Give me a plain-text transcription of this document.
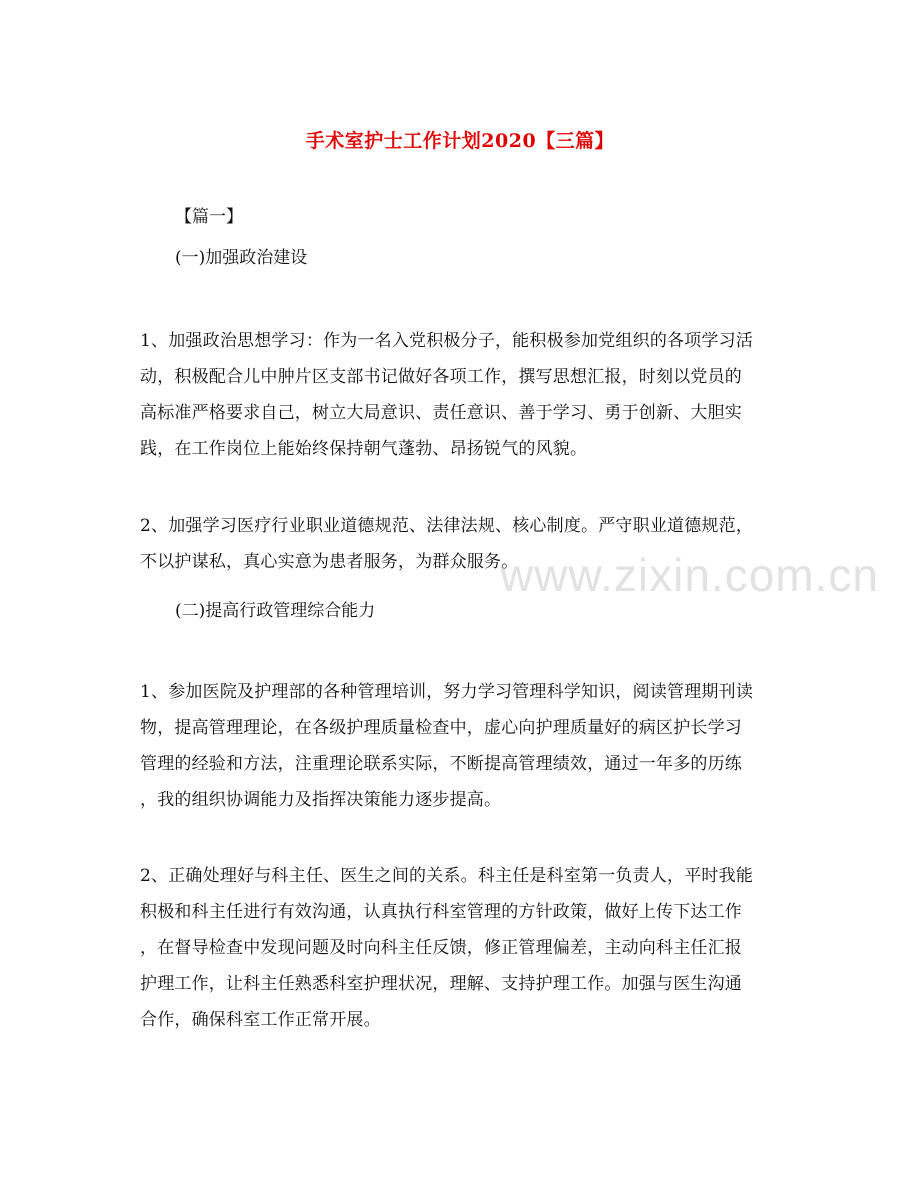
手术室护士工作计划2020【三篇】
【篇一】
(一)加强政治建设
1、加强政治思想学习：作为一名入党积极分子，能积极参加党组织的各项学习活
动，积极配合儿中肿片区支部书记做好各项工作，撰写思想汇报，时刻以党员的
高标准严格要求自己，树立大局意识、责任意识、善于学习、勇于创新、大胆实
践，在工作岗位上能始终保持朝气蓬勃、昂扬锐气的风貌。
2、加强学习医疗行业职业道德规范、法律法规、核心制度。严守职业道德规范，
不以护谋私，真心实意为患者服务，为群众服务。
(二)提高行政管理综合能力
1、参加医院及护理部的各种管理培训，努力学习管理科学知识，阅读管理期刊读
物，提高管理理论，在各级护理质量检查中，虚心向护理质量好的病区护长学习
管理的经验和方法，注重理论联系实际，不断提高管理绩效，通过一年多的历练
，我的组织协调能力及指挥决策能力逐步提高。
2、正确处理好与科主任、医生之间的关系。科主任是科室第一负责人，平时我能
积极和科主任进行有效沟通，认真执行科室管理的方针政策，做好上传下达工作
，在督导检查中发现问题及时向科主任反馈，修正管理偏差，主动向科主任汇报
护理工作，让科主任熟悉科室护理状况，理解、支持护理工作。加强与医生沟通
合作，确保科室工作正常开展。
www.zixin.com.cn
